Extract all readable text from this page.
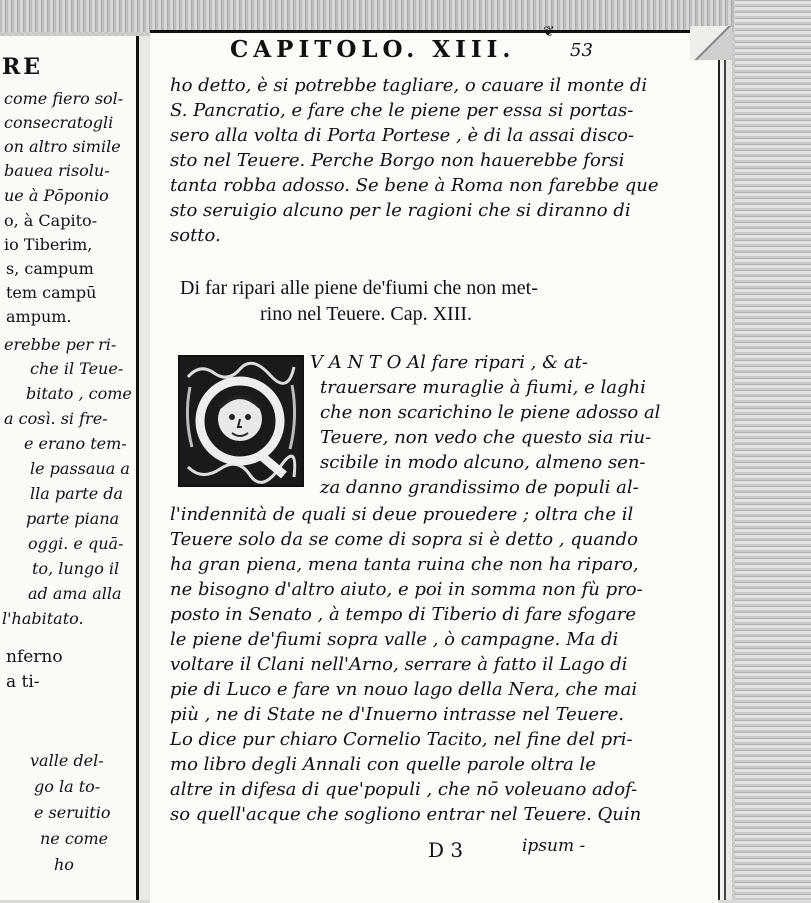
RE
come fiero sol-
consecratogli
on altro simile
bauea risolu-
ue à Pōponio
o, à Capito-
io Tiberim,
s, campum
tem campū
ampum.
erebbe per ri-
che il Teue-
bitato , come
a così. si fre-
e erano tem-
le passaua a
lla parte da
parte piana
oggi. e quā-
to, lungo il
ad ama alla
l'habitato.
nferno
a ti-
valle del-
go la to-
e seruitio
ne come
ho
CAPITOLO. XIII.
❦
53
ho detto, è si potrebbe tagliare, o cauare il monte di
S. Pancratio, e fare che le piene per essa si portas-
sero alla volta di Porta Portese , è di la assai disco-
sto nel Teuere. Perche Borgo non hauerebbe forsi
tanta robba adosso. Se bene à Roma non farebbe que
sto seruigio alcuno per le ragioni che si diranno di
sotto.
Di far ripari alle piene de'fiumi che non met-
rino nel Teuere. Cap. XIII.
V A N T O Al fare ripari , & at-
trauersare muraglie à fiumi, e laghi
che non scarichino le piene adosso al
Teuere, non vedo che questo sia riu-
scibile in modo alcuno, almeno sen-
za danno grandissimo de populi al-
l'indennità de quali si deue prouedere ; oltra che il
Teuere solo da se come di sopra si è detto , quando
ha gran piena, mena tanta ruina che non ha riparo,
ne bisogno d'altro aiuto, e poi in somma non fù pro-
posto in Senato , à tempo di Tiberio di fare sfogare
le piene de'fiumi sopra valle , ò campagne. Ma di
voltare il Clani nell'Arno, serrare à fatto il Lago di
pie di Luco e fare vn nouo lago della Nera, che mai
più , ne di State ne d'Inuerno intrasse nel Teuere.
Lo dice pur chiaro Cornelio Tacito, nel fine del pri-
mo libro degli Annali con quelle parole oltra le
altre in difesa di que'populi , che nō voleuano adof-
so quell'acque che sogliono entrar nel Teuere. Quin
D 3	ipsum -
